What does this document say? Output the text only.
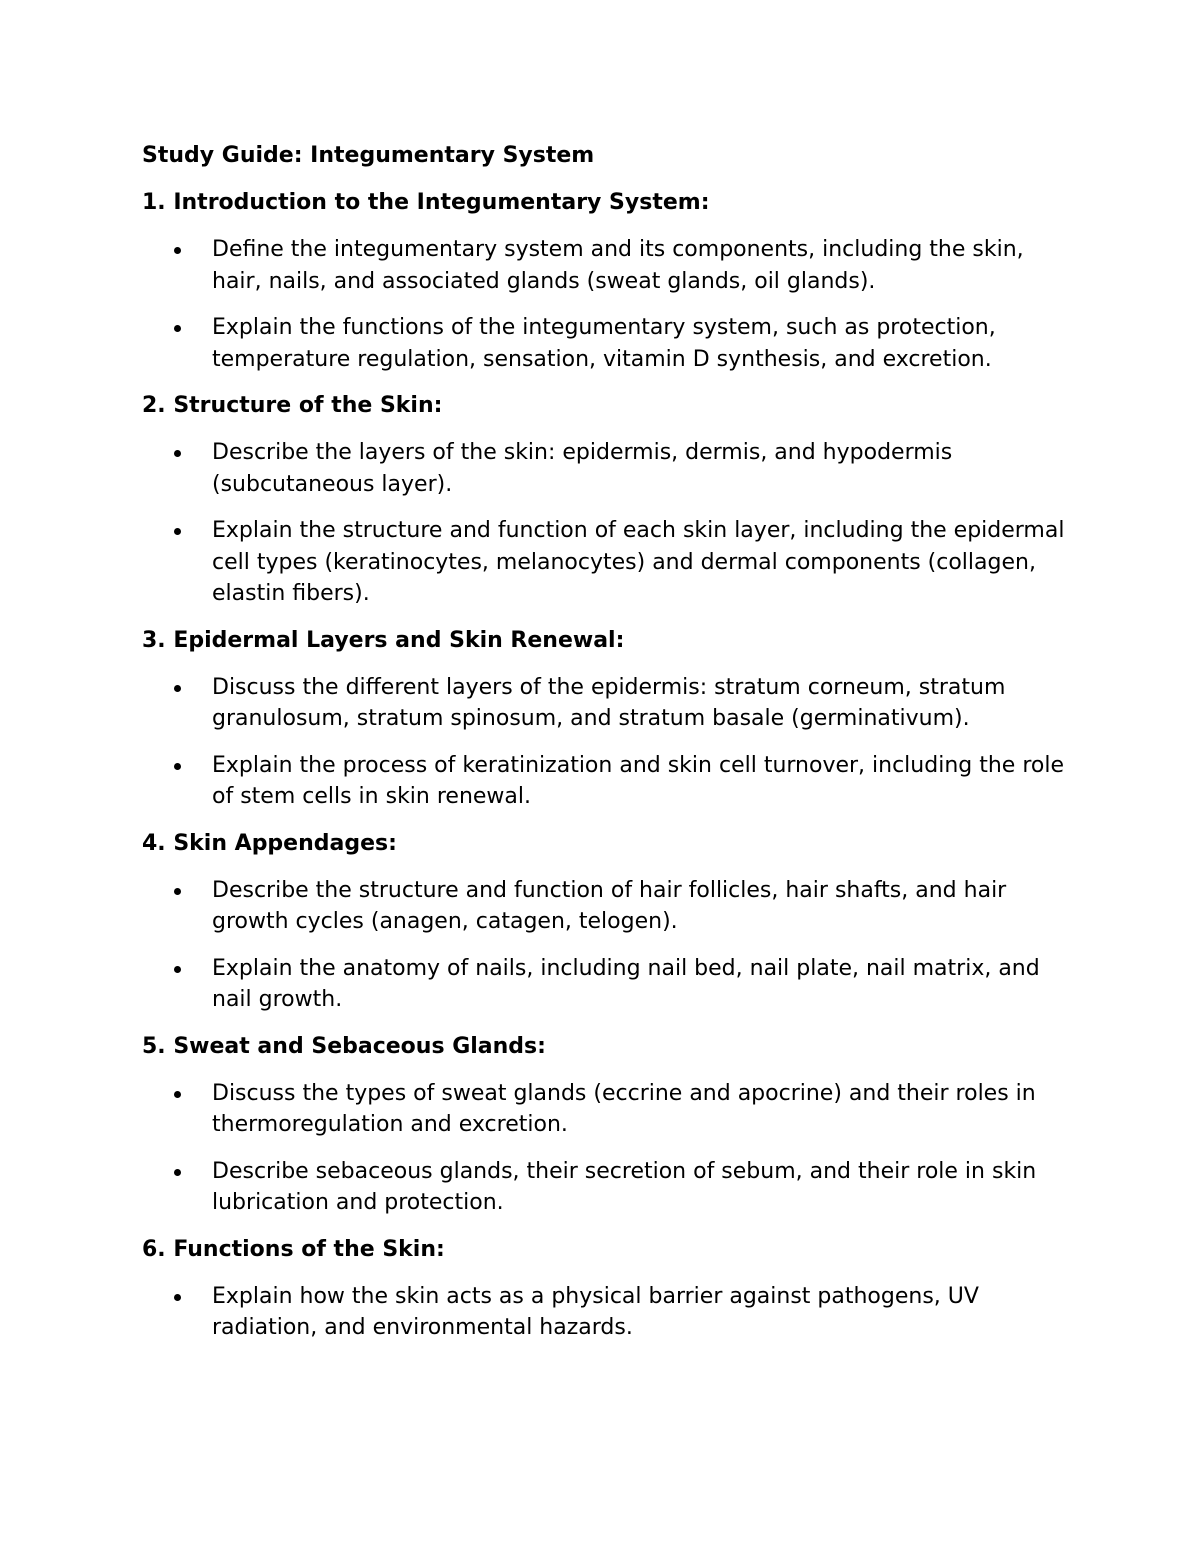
Study Guide: Integumentary System
1. Introduction to the Integumentary System:
Define the integumentary system and its components, including the skin, hair, nails, and associated glands (sweat glands, oil glands).
Explain the functions of the integumentary system, such as protection, temperature regulation, sensation, vitamin D synthesis, and excretion.
2. Structure of the Skin:
Describe the layers of the skin: epidermis, dermis, and hypodermis (subcutaneous layer).
Explain the structure and function of each skin layer, including the epidermal cell types (keratinocytes, melanocytes) and dermal components (collagen, elastin fibers).
3. Epidermal Layers and Skin Renewal:
Discuss the different layers of the epidermis: stratum corneum, stratum granulosum, stratum spinosum, and stratum basale (germinativum).
Explain the process of keratinization and skin cell turnover, including the role of stem cells in skin renewal.
4. Skin Appendages:
Describe the structure and function of hair follicles, hair shafts, and hair growth cycles (anagen, catagen, telogen).
Explain the anatomy of nails, including nail bed, nail plate, nail matrix, and nail growth.
5. Sweat and Sebaceous Glands:
Discuss the types of sweat glands (eccrine and apocrine) and their roles in thermoregulation and excretion.
Describe sebaceous glands, their secretion of sebum, and their role in skin lubrication and protection.
6. Functions of the Skin:
Explain how the skin acts as a physical barrier against pathogens, UV radiation, and environmental hazards.
